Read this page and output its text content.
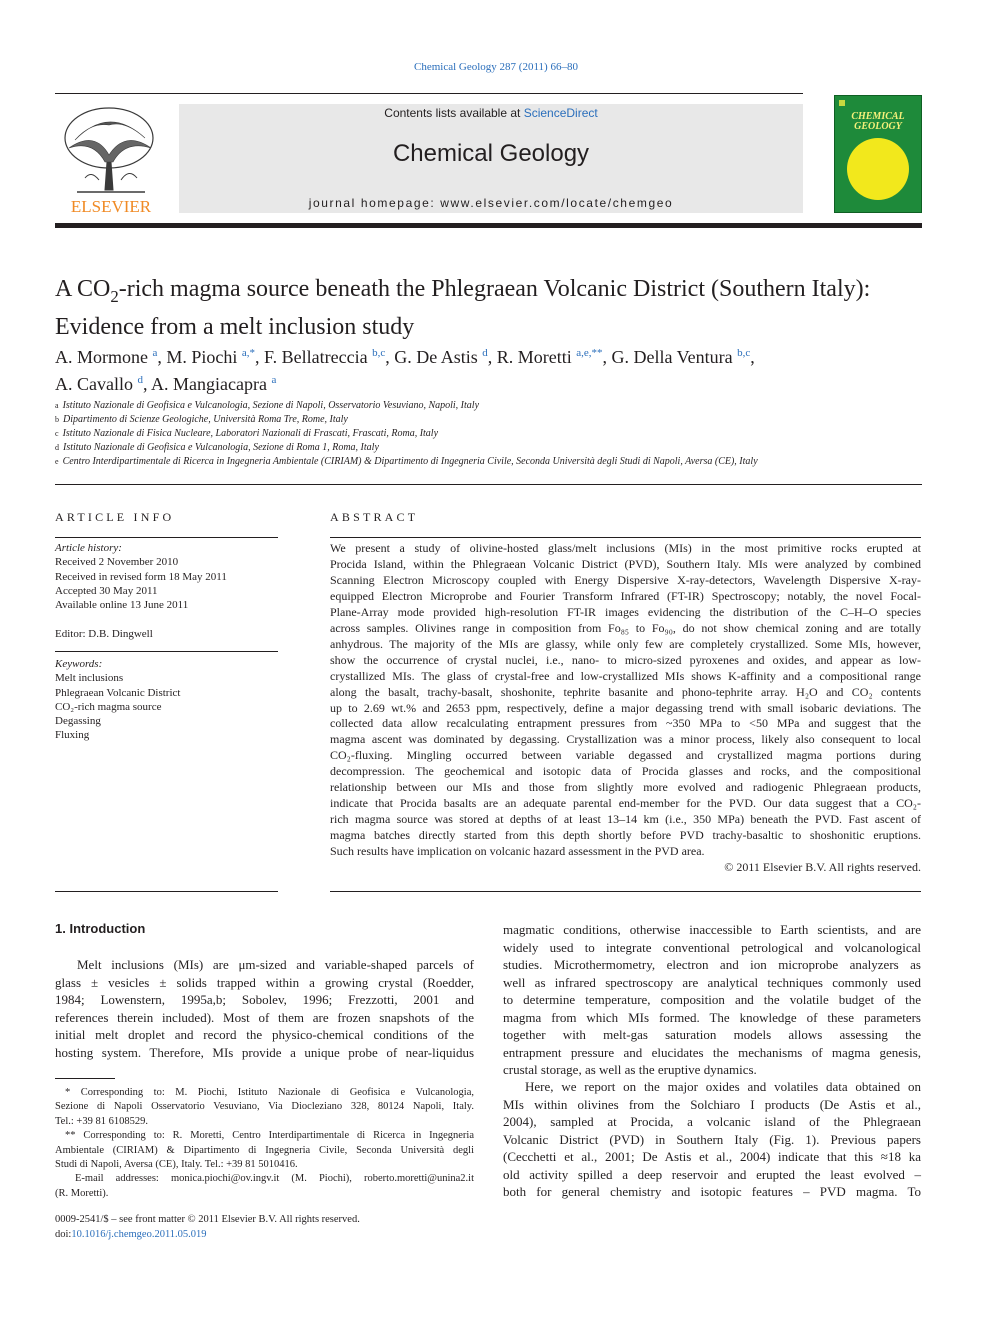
Chemical Geology 287 (2011) 66–80
ELSEVIER
Contents lists available at ScienceDirect
Chemical Geology
journal homepage: www.elsevier.com/locate/chemgeo
CHEMICAL
GEOLOGY
A $CO_2$-rich magma source beneath the Phlegraean Volcanic District (Southern Italy):
Evidence from a melt inclusion study
A. Mormone $^a$, M. Piochi $^{a,*}$, F. Bellatreccia $^{b,c}$, G. De Astis $^d$, R. Moretti $^{a,e,**}$, G. Della Ventura $^{b,c}$,
A. Cavallo $^d$, A. Mangiacapra $^a$
$^a$ Istituto Nazionale di Geofisica e Vulcanologia, Sezione di Napoli, Osservatorio Vesuviano, Napoli, Italy
$^b$ Dipartimento di Scienze Geologiche, Università Roma Tre, Rome, Italy
$^c$ Istituto Nazionale di Fisica Nucleare, Laboratori Nazionali di Frascati, Frascati, Roma, Italy
$^d$ Istituto Nazionale di Geofisica e Vulcanologia, Sezione di Roma 1, Roma, Italy
$^e$ Centro Interdipartimentale di Ricerca in Ingegneria Ambientale (CIRIAM) & Dipartimento di Ingegneria Civile, Seconda Università degli Studi di Napoli, Aversa (CE), Italy
ARTICLE INFO
Article history:
Received 2 November 2010
Received in revised form 18 May 2011
Accepted 30 May 2011
Available online 13 June 2011
Editor: D.B. Dingwell
Keywords:
Melt inclusions
Phlegraean Volcanic District
CO₂-rich magma source
Degassing
Fluxing
ABSTRACT
We present a study of olivine-hosted glass/melt inclusions (MIs) in the most primitive rocks erupted at
Procida Island, within the Phlegraean Volcanic District (PVD), Southern Italy. MIs were analyzed by combined
Scanning Electron Microscopy coupled with Energy Dispersive X-ray-detectors, Wavelength Dispersive X-ray-
equipped Electron Microprobe and Fourier Transform Infrared (FT-IR) Spectroscopy; notably, the novel Focal-
Plane-Array mode provided high-resolution FT-IR images evidencing the distribution of the C–H–O species
across samples. Olivines range in composition from Fo₈₅ to Fo₉₀, do not show chemical zoning and are totally
anhydrous. The majority of the MIs are glassy, while only few are completely crystallized. Some MIs, however,
show the occurrence of crystal nuclei, i.e., nano- to micro-sized pyroxenes and oxides, and appear as low-
crystallized MIs. The glass of crystal-free and low-crystallized MIs shows K-affinity and a compositional range
along the basalt, trachy-basalt, shoshonite, tephrite basanite and phono-tephrite array. H₂O and CO₂ contents
up to 2.69 wt.% and 2653 ppm, respectively, define a major degassing trend with small isobaric deviations. The
collected data allow recalculating entrapment pressures from ~350 MPa to <50 MPa and suggest that the
magma ascent was dominated by degassing. Crystallization was a minor process, likely also consequent to local
CO₂-fluxing. Mingling occurred between variable degassed and crystallized magma portions during
decompression. The geochemical and isotopic data of Procida glasses and rocks, and the compositional
relationship between our MIs and those from slightly more evolved and radiogenic Phlegraean products,
indicate that Procida basalts are an adequate parental end-member for the PVD. Our data suggest that a CO₂-
rich magma source was stored at depths of at least 13–14 km (i.e., 350 MPa) beneath the PVD. Fast ascent of
magma batches directly started from this depth shortly before PVD trachy-basaltic to shoshonitic eruptions.
Such results have implication on volcanic hazard assessment in the PVD area.
© 2011 Elsevier B.V. All rights reserved.
1. Introduction
Melt inclusions (MIs) are μm-sized and variable-shaped parcels of
glass ± vesicles ± solids trapped within a growing crystal (Roedder,
1984; Lowenstern, 1995a,b; Sobolev, 1996; Frezzotti, 2001 and
references therein included). Most of them are frozen snapshots of the
initial melt droplet and record the physico-chemical conditions of the
hosting system. Therefore, MIs provide a unique probe of near-liquidus
magmatic conditions, otherwise inaccessible to Earth scientists, and are
widely used to integrate conventional petrological and volcanological
studies. Microthermometry, electron and ion microprobe analyzers as
well as infrared spectroscopy are analytical techniques commonly used
to determine temperature, composition and the volatile budget of the
magma from which MIs formed. The knowledge of these parameters
together with melt-gas saturation models allows assessing the
entrapment pressure and elucidates the mechanisms of magma genesis,
crustal storage, as well as the eruptive dynamics.
Here, we report on the major oxides and volatiles data obtained on
MIs within olivines from the Solchiaro I products (De Astis et al.,
2004), sampled at Procida, a volcanic island of the Phlegraean
Volcanic District (PVD) in Southern Italy (Fig. 1). Previous papers
(Cecchetti et al., 2001; De Astis et al., 2004) indicate that this ≈18 ka
old activity spilled a deep reservoir and erupted the least evolved –
both for general chemistry and isotopic features – PVD magma. To
* Corresponding to: M. Piochi, Istituto Nazionale di Geofisica e Vulcanologia,
Sezione di Napoli Osservatorio Vesuviano, Via Diocleziano 328, 80124 Napoli, Italy.
Tel.: +39 81 6108529.
** Corresponding to: R. Moretti, Centro Interdipartimentale di Ricerca in Ingegneria
Ambientale (CIRIAM) & Dipartimento di Ingegneria Civile, Seconda Università degli
Studi di Napoli, Aversa (CE), Italy. Tel.: +39 81 5010416.
E-mail addresses: monica.piochi@ov.ingv.it (M. Piochi), roberto.moretti@unina2.it
(R. Moretti).
0009-2541/$ – see front matter © 2011 Elsevier B.V. All rights reserved.
doi:10.1016/j.chemgeo.2011.05.019
